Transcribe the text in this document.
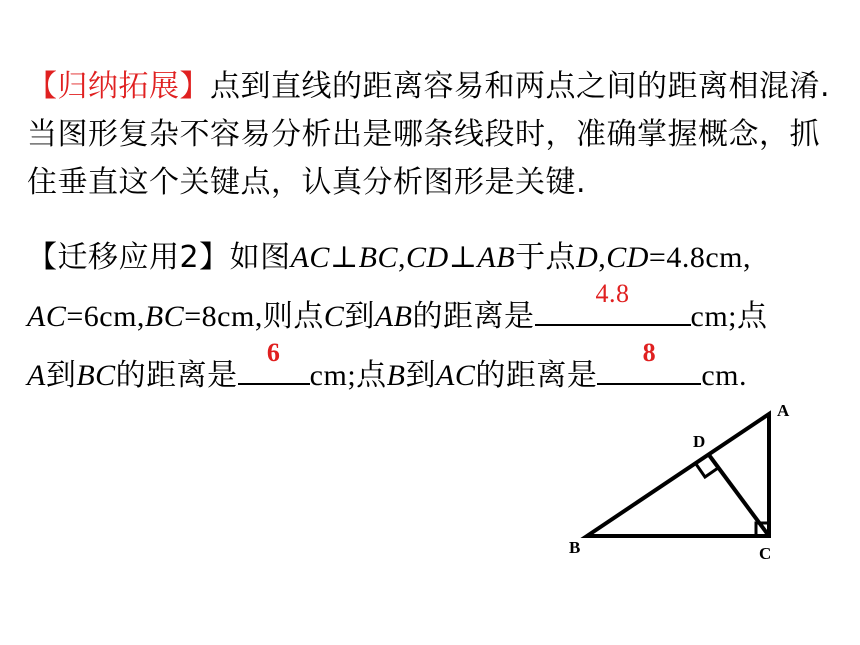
【归纳拓展】点到直线的距离容易和两点之间的距离相混淆. 当图形复杂不容易分析出是哪条线段时，准确掌握概念，抓住垂直这个关键点，认真分析图形是关键.
【迁移应用2】如图AC⊥BC,CD⊥AB于点D,CD=4.8cm,
AC=6cm,BC=8cm,则点C到AB的距离是
4.8
cm;点
A到BC的距离是
6
cm;点B到AC的距离是
8
cm.
A
B	C
D
